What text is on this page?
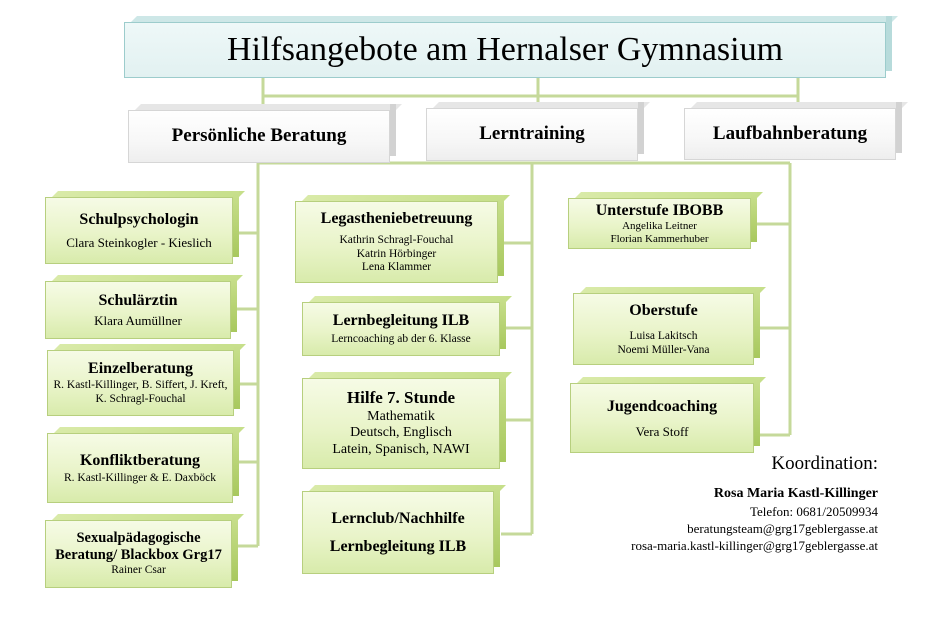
Hilfsangebote am Hernalser Gymnasium
Persönliche Beratung	Lerntraining	Laufbahnberatung
Schulpsychologin
Clara Steinkogler - Kieslich
Schulärztin
Klara Aumüllner
Einzelberatung
R. Kastl-Killinger, B. Siffert, J. Kreft,
K. Schragl-Fouchal
Konfliktberatung
R. Kastl-Killinger & E. Daxböck
Sexualpädagogische
Beratung/ Blackbox Grg17
Rainer Csar
Legastheniebetreuung
Kathrin Schragl-Fouchal
Katrin Hörbinger
Lena Klammer
Lernbegleitung ILB
Lerncoaching ab der 6. Klasse
Hilfe 7. Stunde
Mathematik
Deutsch, Englisch
Latein, Spanisch, NAWI
Lernclub/Nachhilfe
Lernbegleitung ILB
Unterstufe IBOBB
Angelika Leitner
Florian Kammerhuber
Oberstufe
Luisa Lakitsch
Noemi Müller-Vana
Jugendcoaching
Vera Stoff
Koordination:
Rosa Maria Kastl-Killinger
Telefon: 0681/20509934
beratungsteam@grg17geblergasse.at
rosa-maria.kastl-killinger@grg17geblergasse.at
